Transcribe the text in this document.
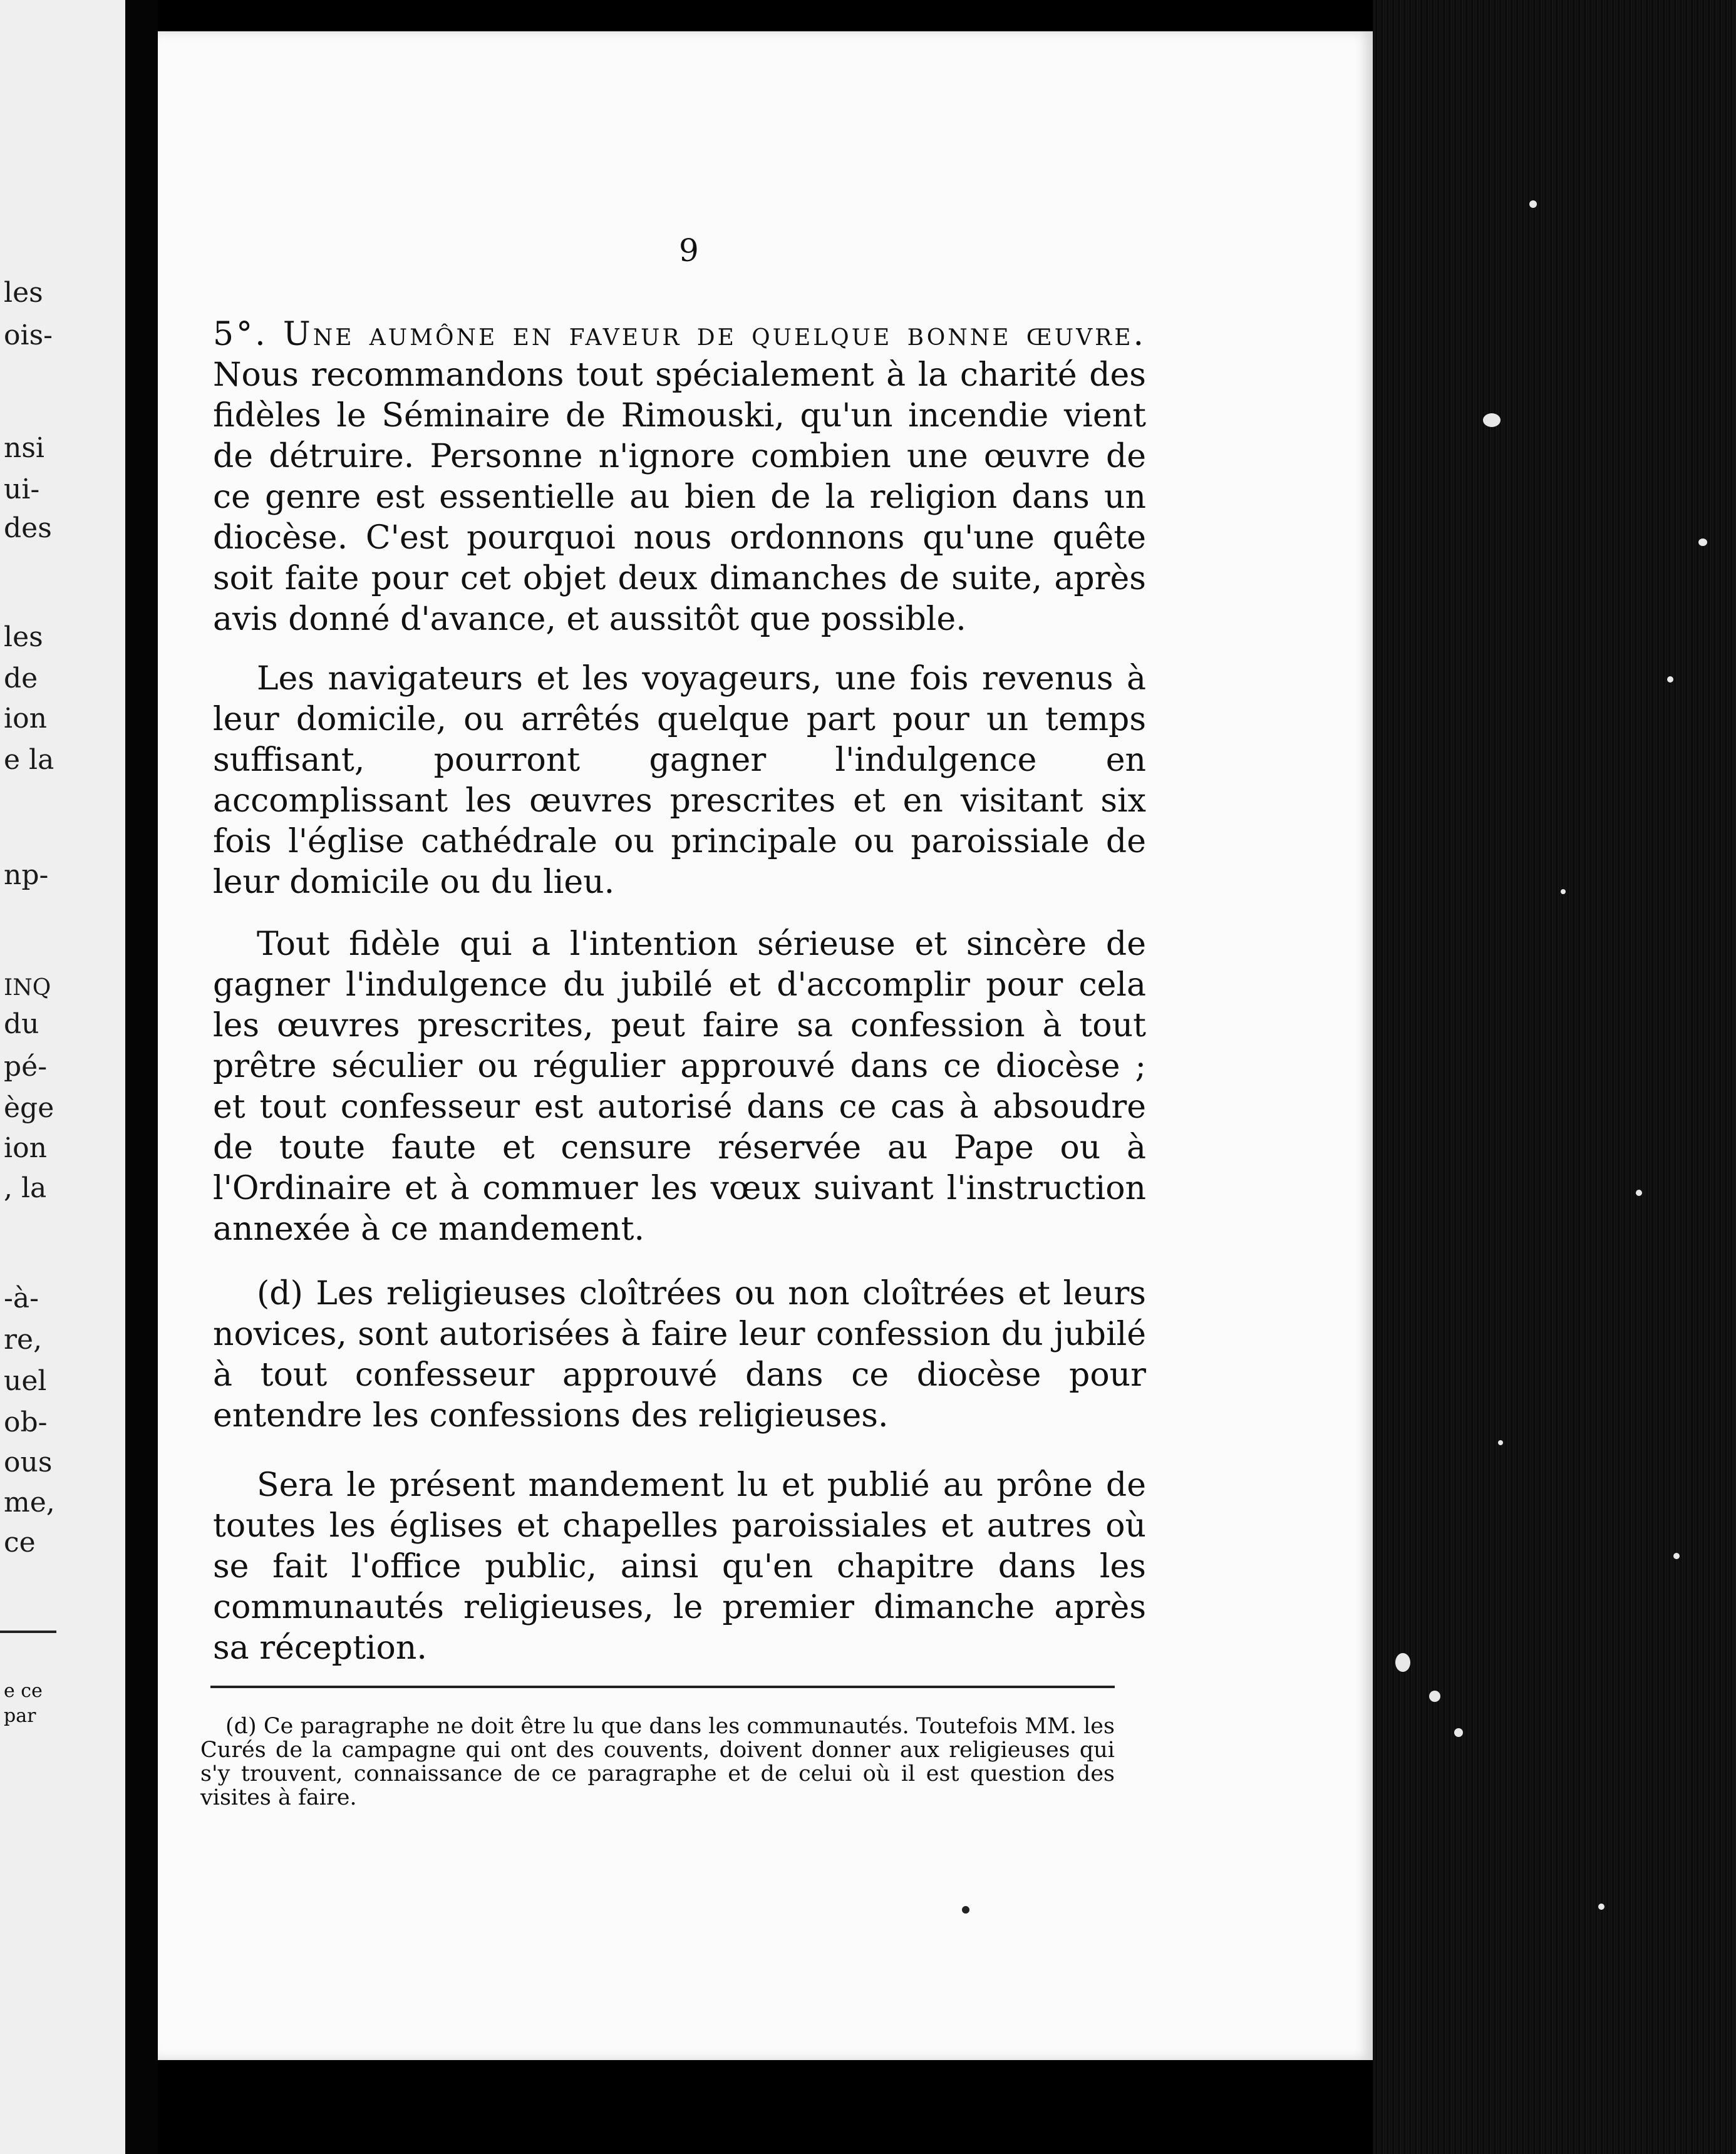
les
ois-
nsi
ui-
des
les
de
ion
e la
np-
INQ
du
pé-
ège
ion
, la
-à-
re,
uel
ob-
ous
me,
ce
e ce
par
9

5°. Une aumône en faveur de quelque bonne œuvre. Nous recommandons tout spécialement à la charité des fidèles le Séminaire de Rimouski, qu'un incendie vient de détruire. Personne n'ignore combien une œuvre de ce genre est essentielle au bien de la religion dans un diocèse. C'est pourquoi nous ordonnons qu'une quête soit faite pour cet objet deux dimanches de suite, après avis donné d'avance, et aussitôt que possible.

Les navigateurs et les voyageurs, une fois revenus à leur domicile, ou arrêtés quelque part pour un temps suffisant, pourront gagner l'indulgence en accomplissant les œuvres prescrites et en visitant six fois l'église cathédrale ou principale ou paroissiale de leur domicile ou du lieu.

Tout fidèle qui a l'intention sérieuse et sincère de gagner l'indulgence du jubilé et d'accomplir pour cela les œuvres prescrites, peut faire sa confession à tout prêtre séculier ou régulier approuvé dans ce diocèse ; et tout confesseur est autorisé dans ce cas à absoudre de toute faute et censure réservée au Pape ou à l'Ordinaire et à commuer les vœux suivant l'instruction annexée à ce mandement.

(d) Les religieuses cloîtrées ou non cloîtrées et leurs novices, sont autorisées à faire leur confession du jubilé à tout confesseur approuvé dans ce diocèse pour entendre les confessions des religieuses.

Sera le présent mandement lu et publié au prône de toutes les églises et chapelles paroissiales et autres où se fait l'office public, ainsi qu'en chapitre dans les communautés religieuses, le premier dimanche après sa réception.

(d) Ce paragraphe ne doit être lu que dans les communautés. Toutefois MM. les Curés de la campagne qui ont des couvents, doivent donner aux religieuses qui s'y trouvent, connaissance de ce paragraphe et de celui où il est question des visites à faire.
